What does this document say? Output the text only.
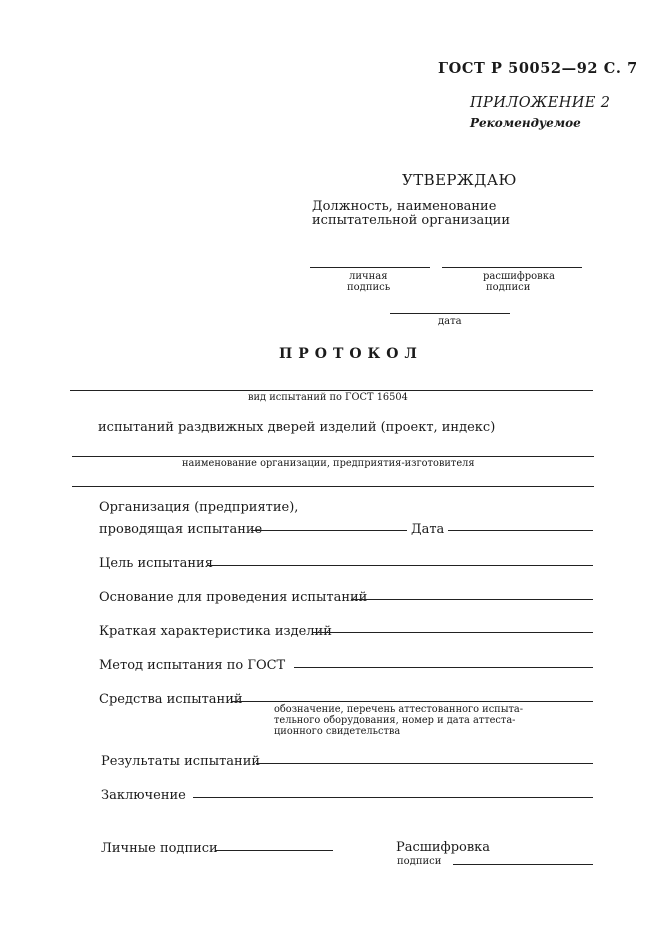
ГОСТ Р 50052—92 С. 7
ПРИЛОЖЕНИЕ 2
Рекомендуемое
УТВЕРЖДАЮ
Должность, наименование
испытательной организации
личная
подпись
расшифровка
подписи
дата
ПРОТОКОЛ
вид испытаний по ГОСТ 16504
испытаний раздвижных дверей изделий (проект, индекс)
наименование организации, предприятия-изготовителя
Организация (предприятие),
проводящая испытание	Дата
Цель испытания
Основание для проведения испытаний
Краткая характеристика изделий
Метод испытания по ГОСТ
Средства испытаний
обозначение, перечень аттестованного испыта-
тельного оборудования, номер и дата аттеста-
ционного свидетельства
Результаты испытаний
Заключение
Личные подписи	Расшифровка
подписи
